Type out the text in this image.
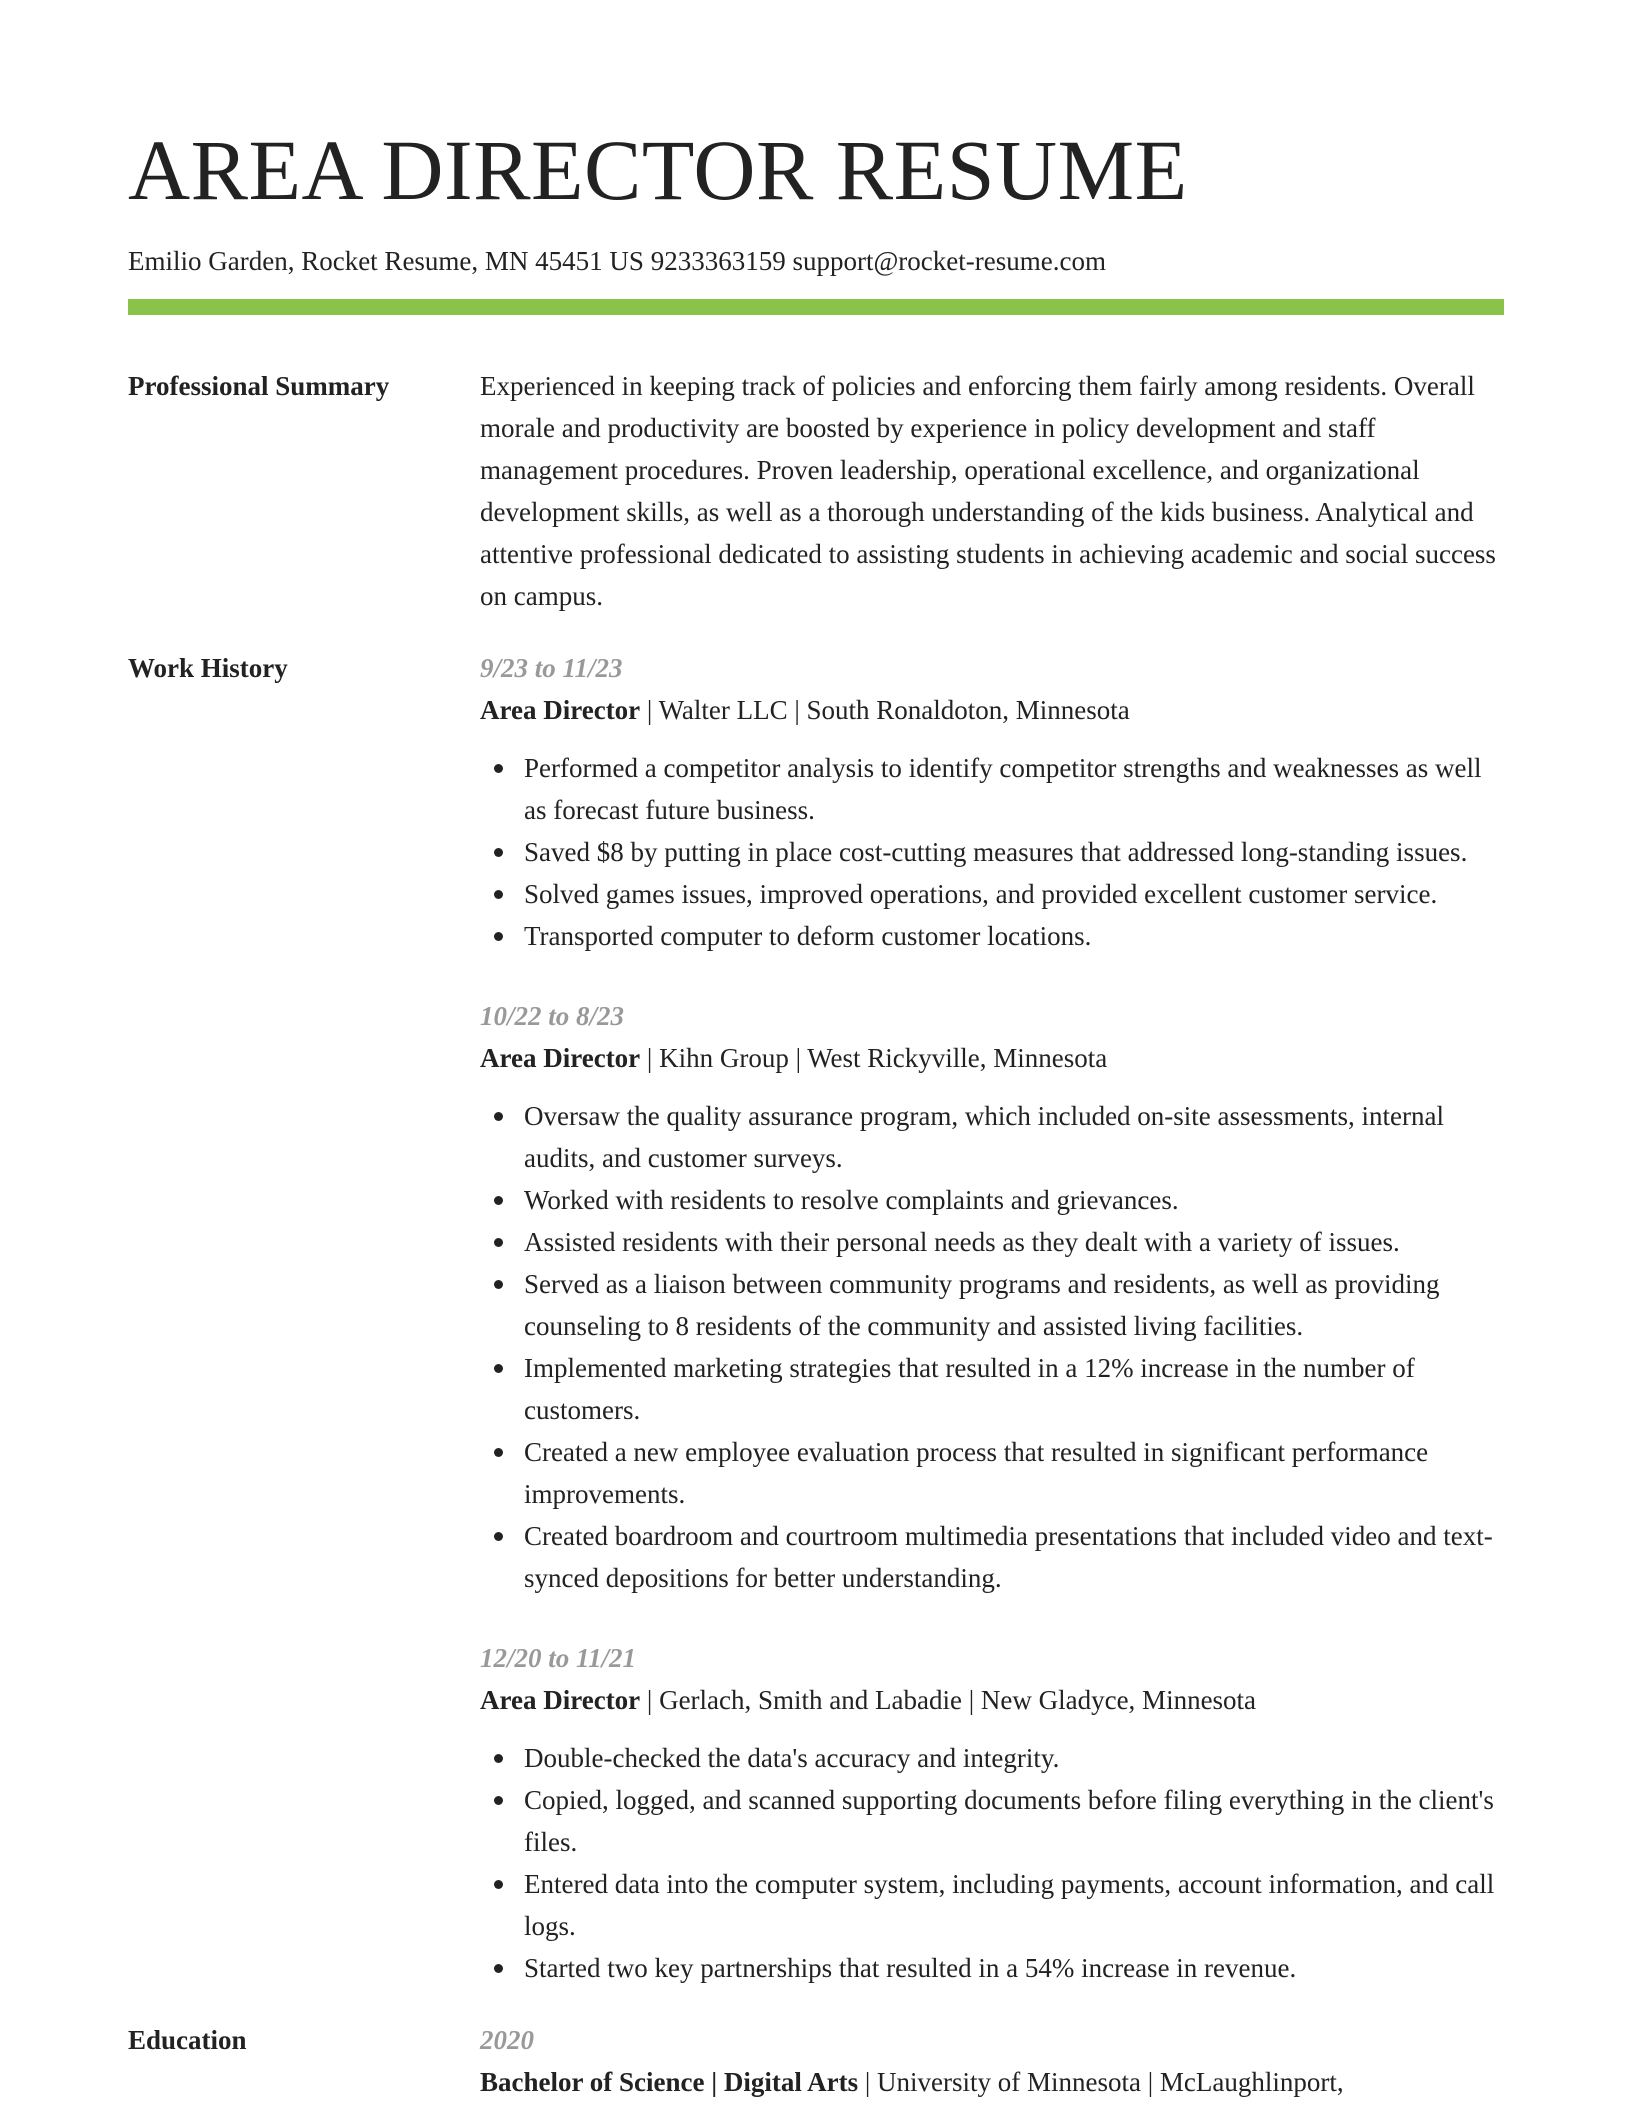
AREA DIRECTOR RESUME
Emilio Garden, Rocket Resume, MN 45451 US 9233363159 support@rocket-resume.com
Professional Summary	Experienced in keeping track of policies and enforcing them fairly among residents. Overall morale and productivity are boosted by experience in policy development and staff management procedures. Proven leadership, operational excellence, and organizational development skills, as well as a thorough understanding of the kids business. Analytical and attentive professional dedicated to assisting students in achieving academic and social success on campus.

Work History	9/23 to 11/23
Area Director | Walter LLC | South Ronaldoton, Minnesota
Performed a competitor analysis to identify competitor strengths and weaknesses as well as forecast future business.
Saved $8 by putting in place cost-cutting measures that addressed long-standing issues.
Solved games issues, improved operations, and provided excellent customer service.
Transported computer to deform customer locations.
10/22 to 8/23
Area Director | Kihn Group | West Rickyville, Minnesota
Oversaw the quality assurance program, which included on-site assessments, internal audits, and customer surveys.
Worked with residents to resolve complaints and grievances.
Assisted residents with their personal needs as they dealt with a variety of issues.
Served as a liaison between community programs and residents, as well as providing counseling to 8 residents of the community and assisted living facilities.
Implemented marketing strategies that resulted in a 12% increase in the number of customers.
Created a new employee evaluation process that resulted in significant performance improvements.
Created boardroom and courtroom multimedia presentations that included video and text-synced depositions for better understanding.
12/20 to 11/21
Area Director | Gerlach, Smith and Labadie | New Gladyce, Minnesota
Double-checked the data's accuracy and integrity.
Copied, logged, and scanned supporting documents before filing everything in the client's files.
Entered data into the computer system, including payments, account information, and call logs.
Started two key partnerships that resulted in a 54% increase in revenue.
Education	2020
Bachelor of Science | Digital Arts | University of Minnesota | McLaughlinport,
